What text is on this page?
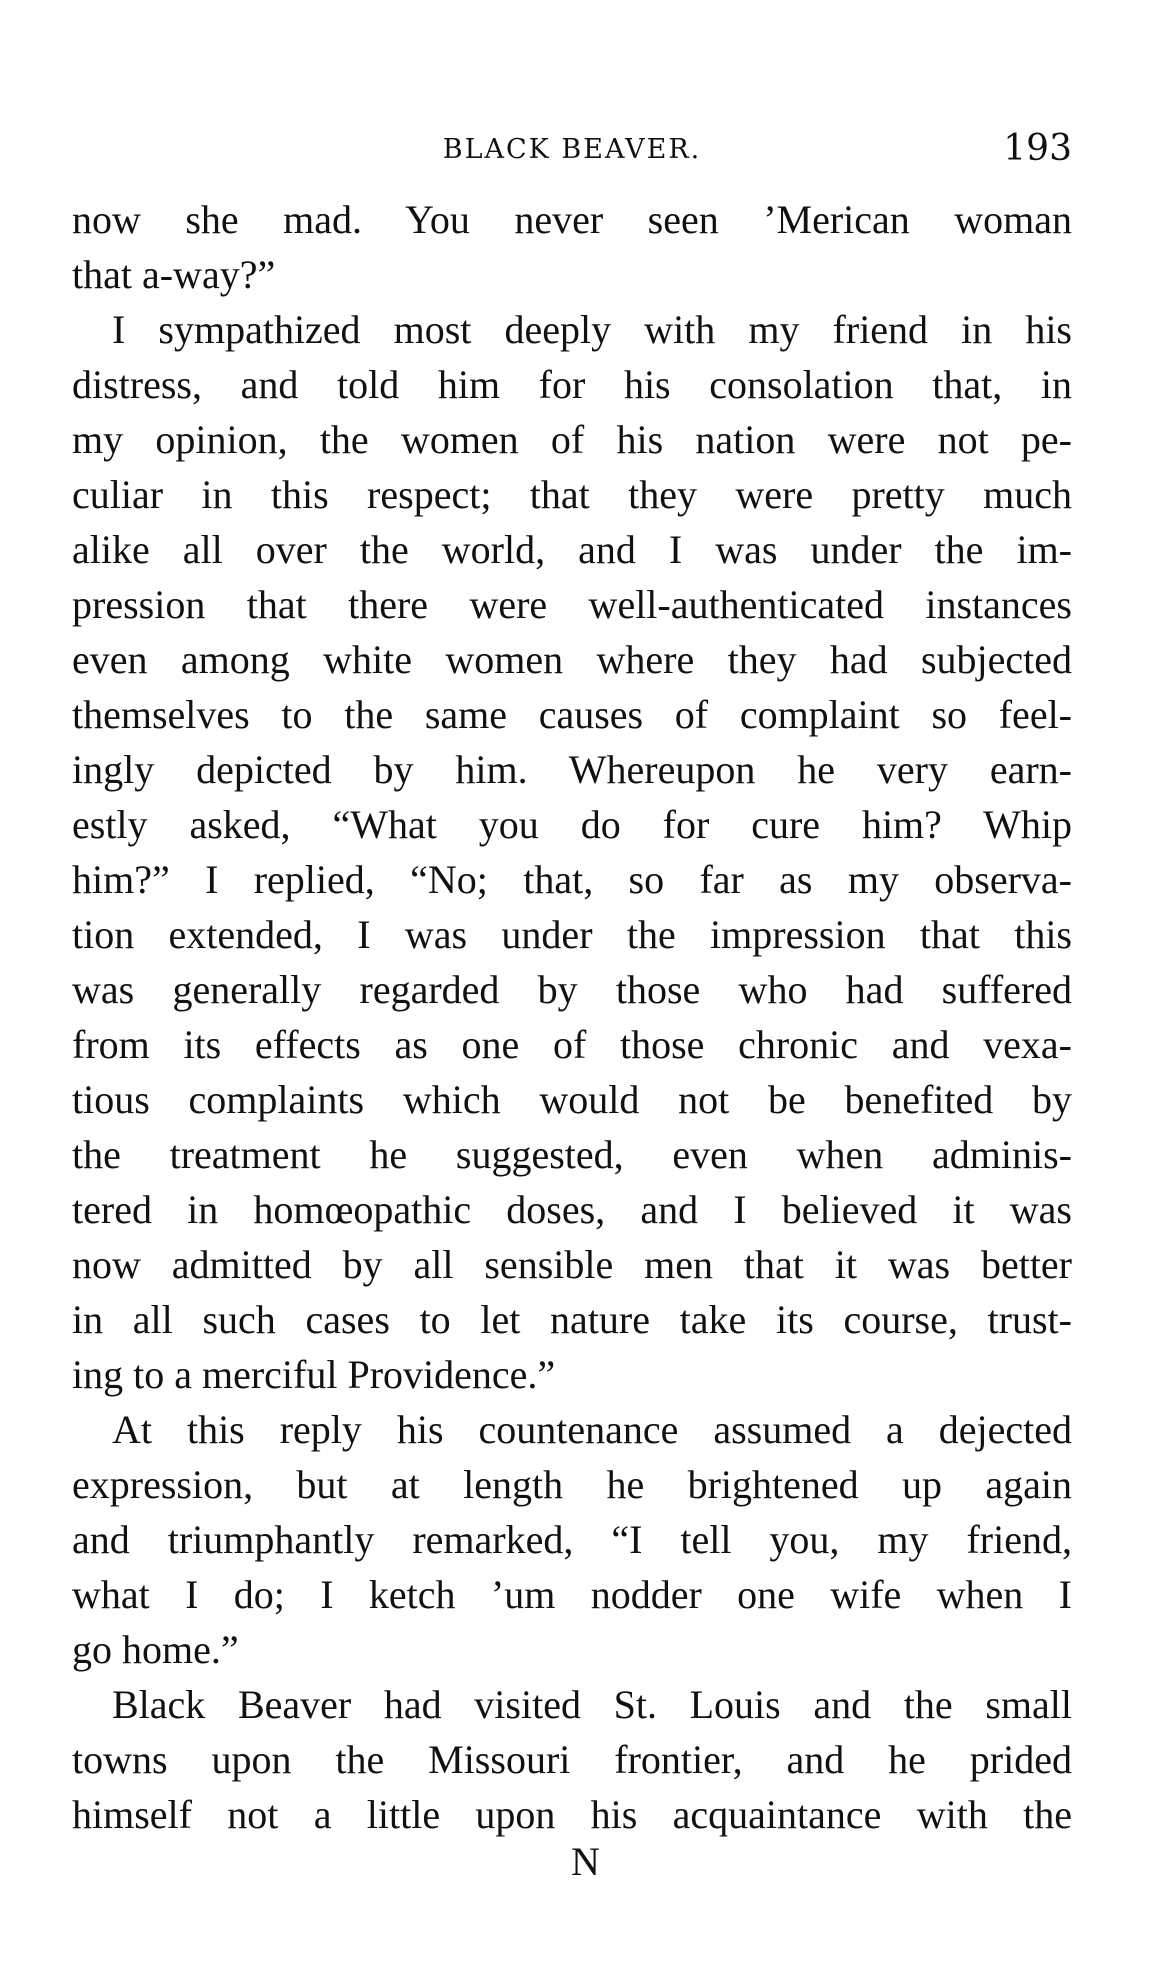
BLACK BEAVER.	193
now she mad. You never seen ’Merican woman
that a-way?”
I sympathized most deeply with my friend in his
distress, and told him for his consolation that, in
my opinion, the women of his nation were not pe-
culiar in this respect; that they were pretty much
alike all over the world, and I was under the im-
pression that there were well-authenticated instances
even among white women where they had subjected
themselves to the same causes of complaint so feel-
ingly depicted by him. Whereupon he very earn-
estly asked, “What you do for cure him? Whip
him?” I replied, “No; that, so far as my observa-
tion extended, I was under the impression that this
was generally regarded by those who had suffered
from its effects as one of those chronic and vexa-
tious complaints which would not be benefited by
the treatment he suggested, even when adminis-
tered in homœopathic doses, and I believed it was
now admitted by all sensible men that it was better
in all such cases to let nature take its course, trust-
ing to a merciful Providence.”
At this reply his countenance assumed a dejected
expression, but at length he brightened up again
and triumphantly remarked, “I tell you, my friend,
what I do; I ketch ’um nodder one wife when I
go home.”
Black Beaver had visited St. Louis and the small
towns upon the Missouri frontier, and he prided
himself not a little upon his acquaintance with the
N
